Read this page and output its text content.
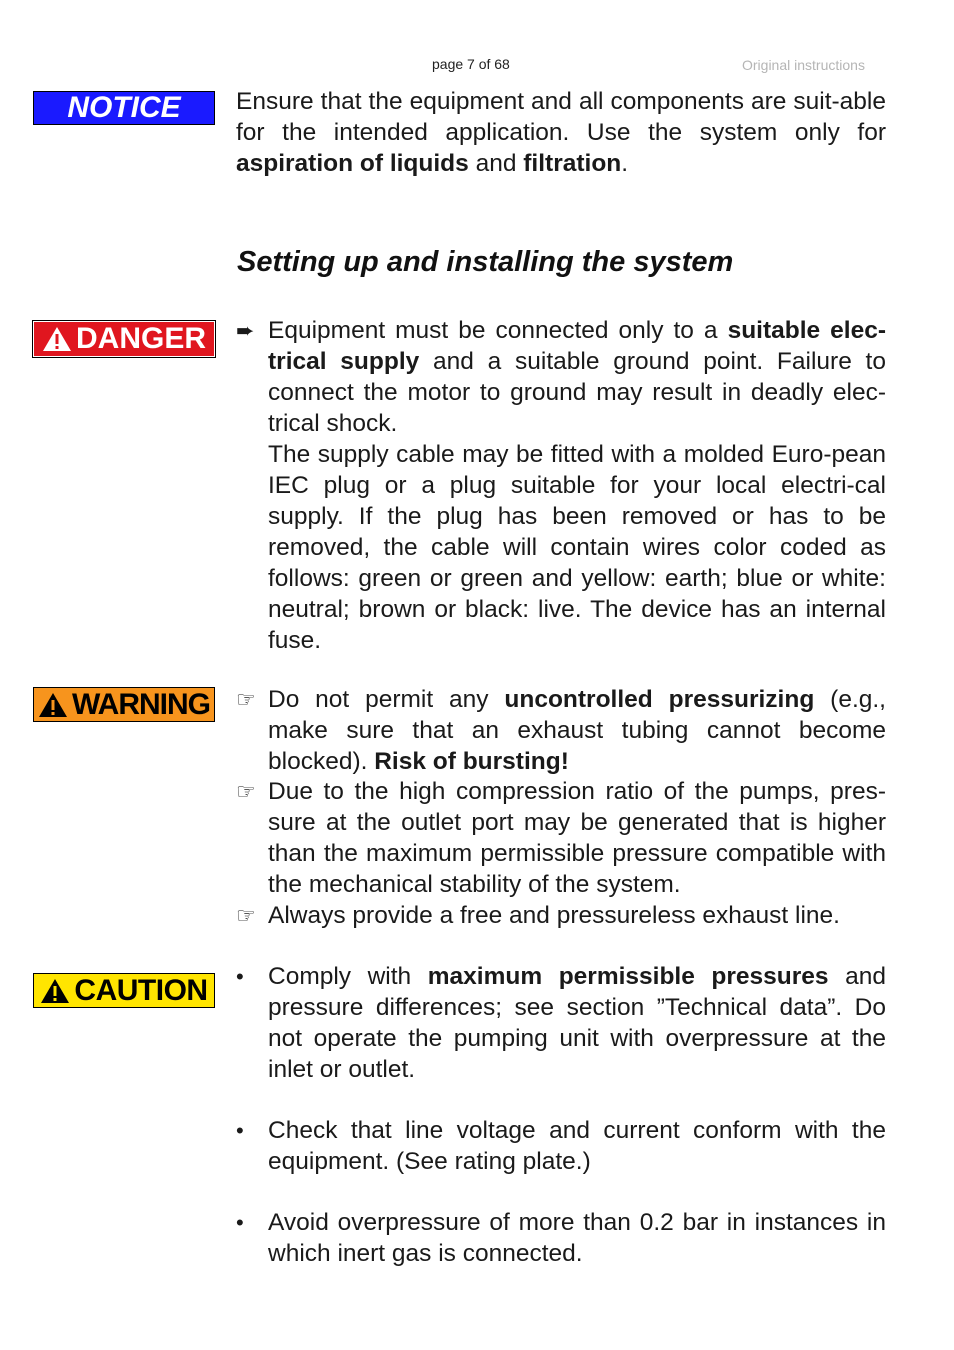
page 7 of 68	Original instructions
NOTICE Ensure that the equipment and all components are suit-able for the intended application. Use the system only for aspiration of liquids and filtration.
Setting up and installing the system
DANGER ➨ Equipment must be connected only to a suitable elec-trical supply and a suitable ground point. Failure to connect the motor to ground may result in deadly elec-trical shock.
The supply cable may be fitted with a molded Euro-pean IEC plug or a plug suitable for your local electri-cal supply. If the plug has been removed or has to be removed, the cable will contain wires color coded as follows: green or green and yellow: earth; blue or white: neutral; brown or black: live. The device has an internal fuse.
WARNING ☞ Do not permit any uncontrolled pressurizing (e.g., make sure that an exhaust tubing cannot become blocked). Risk of bursting!
☞ Due to the high compression ratio of the pumps, pres-sure at the outlet port may be generated that is higher than the maximum permissible pressure compatible with the mechanical stability of the system.
☞ Always provide a free and pressureless exhaust line.
CAUTION • Comply with maximum permissible pressures and pressure differences; see section ”Technical data”. Do not operate the pumping unit with overpressure at the inlet or outlet.
• Check that line voltage and current conform with the equipment. (See rating plate.)
• Avoid overpressure of more than 0.2 bar in instances in which inert gas is connected.
